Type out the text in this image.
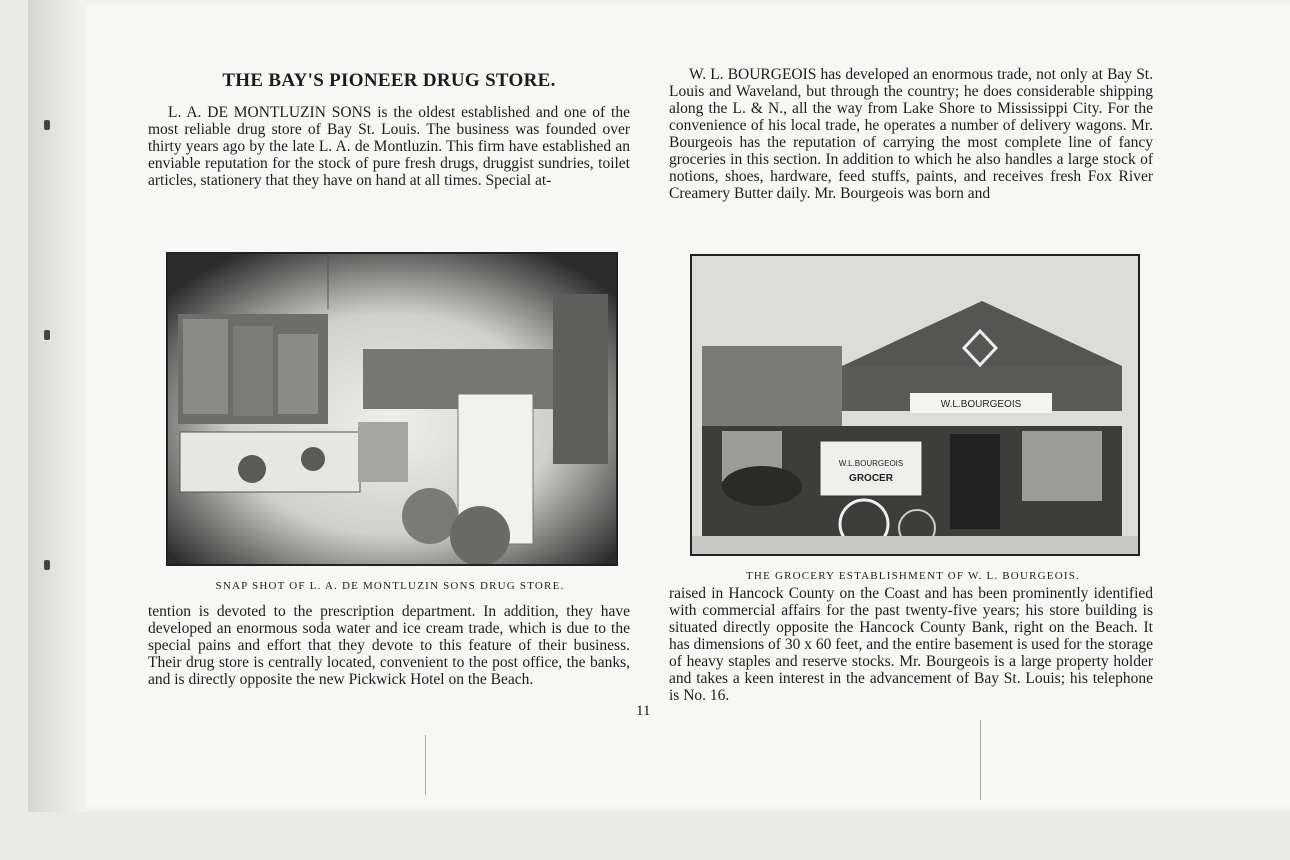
THE BAY'S PIONEER DRUG STORE.

L. A. DE MONTLUZIN SONS is the oldest established and one of the most reliable drug store of Bay St. Louis. The business was founded over thirty years ago by the late L. A. de Montluzin. This firm have established an enviable reputation for the stock of pure fresh drugs, druggist sundries, toilet articles, stationery that they have on hand at all times. Special at-

SNAP SHOT OF L. A. DE MONTLUZIN SONS DRUG STORE.

tention is devoted to the prescription department. In addition, they have developed an enormous soda water and ice cream trade, which is due to the special pains and effort that they devote to this feature of their business. Their drug store is centrally located, convenient to the post office, the banks, and is directly opposite the new Pickwick Hotel on the Beach.

11

W. L. BOURGEOIS has developed an enormous trade, not only at Bay St. Louis and Waveland, but through the country; he does considerable shipping along the L. & N., all the way from Lake Shore to Mississippi City. For the convenience of his local trade, he operates a number of delivery wagons. Mr. Bourgeois has the reputation of carrying the most complete line of fancy groceries in this section. In addition to which he also handles a large stock of notions, shoes, hardware, feed stuffs, paints, and receives fresh Fox River Creamery Butter daily. Mr. Bourgeois was born and

W.L.BOURGEOIS
W.L.BOURGEOIS
GROCER
THE GROCERY ESTABLISHMENT OF W. L. BOURGEOIS.

raised in Hancock County on the Coast and has been prominently identified with commercial affairs for the past twenty-five years; his store building is situated directly opposite the Hancock County Bank, right on the Beach. It has dimensions of 30 x 60 feet, and the entire basement is used for the storage of heavy staples and reserve stocks. Mr. Bourgeois is a large property holder and takes a keen interest in the advancement of Bay St. Louis; his telephone is No. 16.
